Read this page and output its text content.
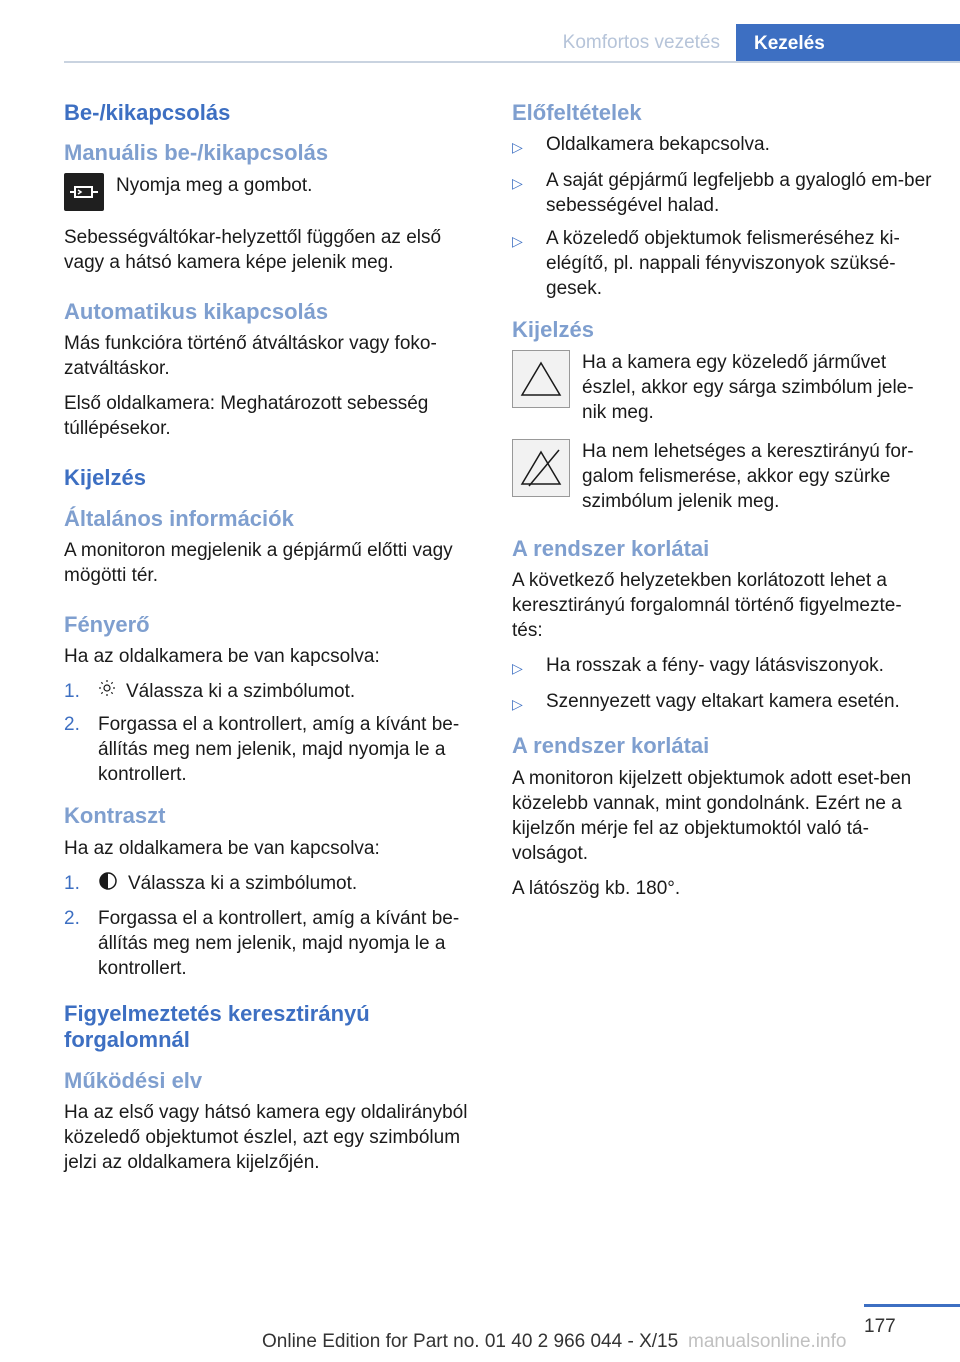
Komfortos vezetés Kezelés
Be-/kikapcsolás
Manuális be-/kikapcsolás
Nyomja meg a gombot.

Sebességváltókar-helyzettől függően az első vagy a hátsó kamera képe jelenik meg.

Automatikus kikapcsolás

Más funkcióra történő átváltáskor vagy foko-zatváltáskor.

Első oldalkamera: Meghatározott sebesség túllépésekor.

Kijelzés
Általános információk

A monitoron megjelenik a gépjármű előtti vagy mögötti tér.

Fényerő

Ha az oldalkamera be van kapcsolva:

1.	Válassza ki a szimbólumot.
2. Forgassa el a kontrollert, amíg a kívánt be-állítás meg nem jelenik, majd nyomja le a kontrollert.
Kontraszt

Ha az oldalkamera be van kapcsolva:

1.	Válassza ki a szimbólumot.
2. Forgassa el a kontrollert, amíg a kívánt be-állítás meg nem jelenik, majd nyomja le a kontrollert.
Figyelmeztetés keresztirányú forgalomnál
Működési elv

Ha az első vagy hátsó kamera egy oldalirányból közeledő objektumot észlel, azt egy szimbólum jelzi az oldalkamera kijelzőjén.

Előfeltételek
▷	Oldalkamera bekapcsolva.
▷	A saját gépjármű legfeljebb a gyalogló em-ber sebességével halad.
▷	A közeledő objektumok felismeréséhez ki-elégítő, pl. nappali fényviszonyok szüksé-gesek.
Kijelzés
Ha a kamera egy közeledő járművet észlel, akkor egy sárga szimbólum jele-nik meg.
Ha nem lehetséges a keresztirányú for-galom felismerése, akkor egy szürke szimbólum jelenik meg.
A rendszer korlátai

A következő helyzetekben korlátozott lehet a keresztirányú forgalomnál történő figyelmezte-tés:

▷	Ha rosszak a fény- vagy látásviszonyok.
▷	Szennyezett vagy eltakart kamera esetén.
A rendszer korlátai

A monitoron kijelzett objektumok adott eset-ben közelebb vannak, mint gondolnánk. Ezért ne a kijelzőn mérje fel az objektumoktól való tá-volságot.

A látószög kb. 180°.

177
Online Edition for Part no. 01 40 2 966 044 - X/15 manualsonline.info
